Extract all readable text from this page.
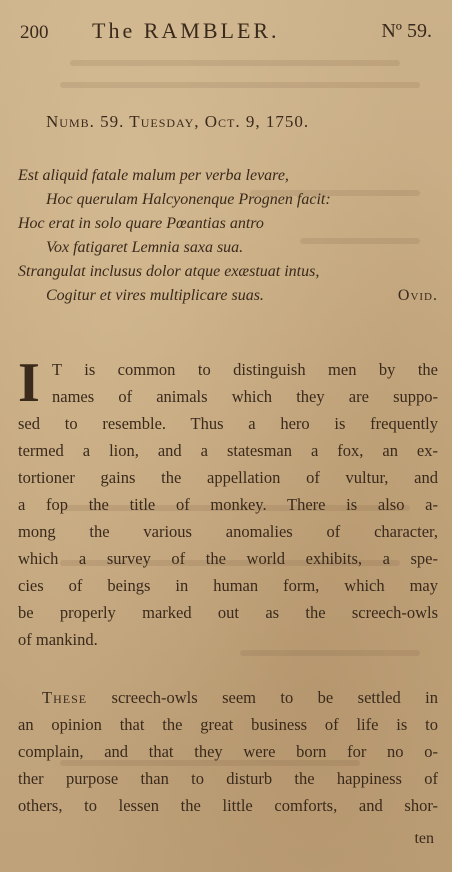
200 The RAMBLER.	Nº 59.
Numb. 59. Tuesday, Oct. 9, 1750.
Est aliquid fatale malum per verba levare,
Hoc querulam Halcyonenque Prognen facit:
Hoc erat in solo quare Pœantias antro
Vox fatigaret Lemnia saxa sua.
Strangulat inclusus dolor atque exæstuat intus,
Cogitur et vires multiplicare suas.	Ovid.
I T is common to distinguish men by the
names of animals which they are suppo-
sed to resemble. Thus a hero is frequently
termed a lion, and a statesman a fox, an ex-
tortioner gains the appellation of vultur, and
a fop the title of monkey. There is also a-
mong the various anomalies of character,
which a survey of the world exhibits, a spe-
cies of beings in human form, which may
be properly marked out as the screech-owls
of mankind.
These screech-owls seem to be settled in
an opinion that the great business of life is to
complain, and that they were born for no o-
ther purpose than to disturb the happiness of
others, to lessen the little comforts, and shor-
ten
